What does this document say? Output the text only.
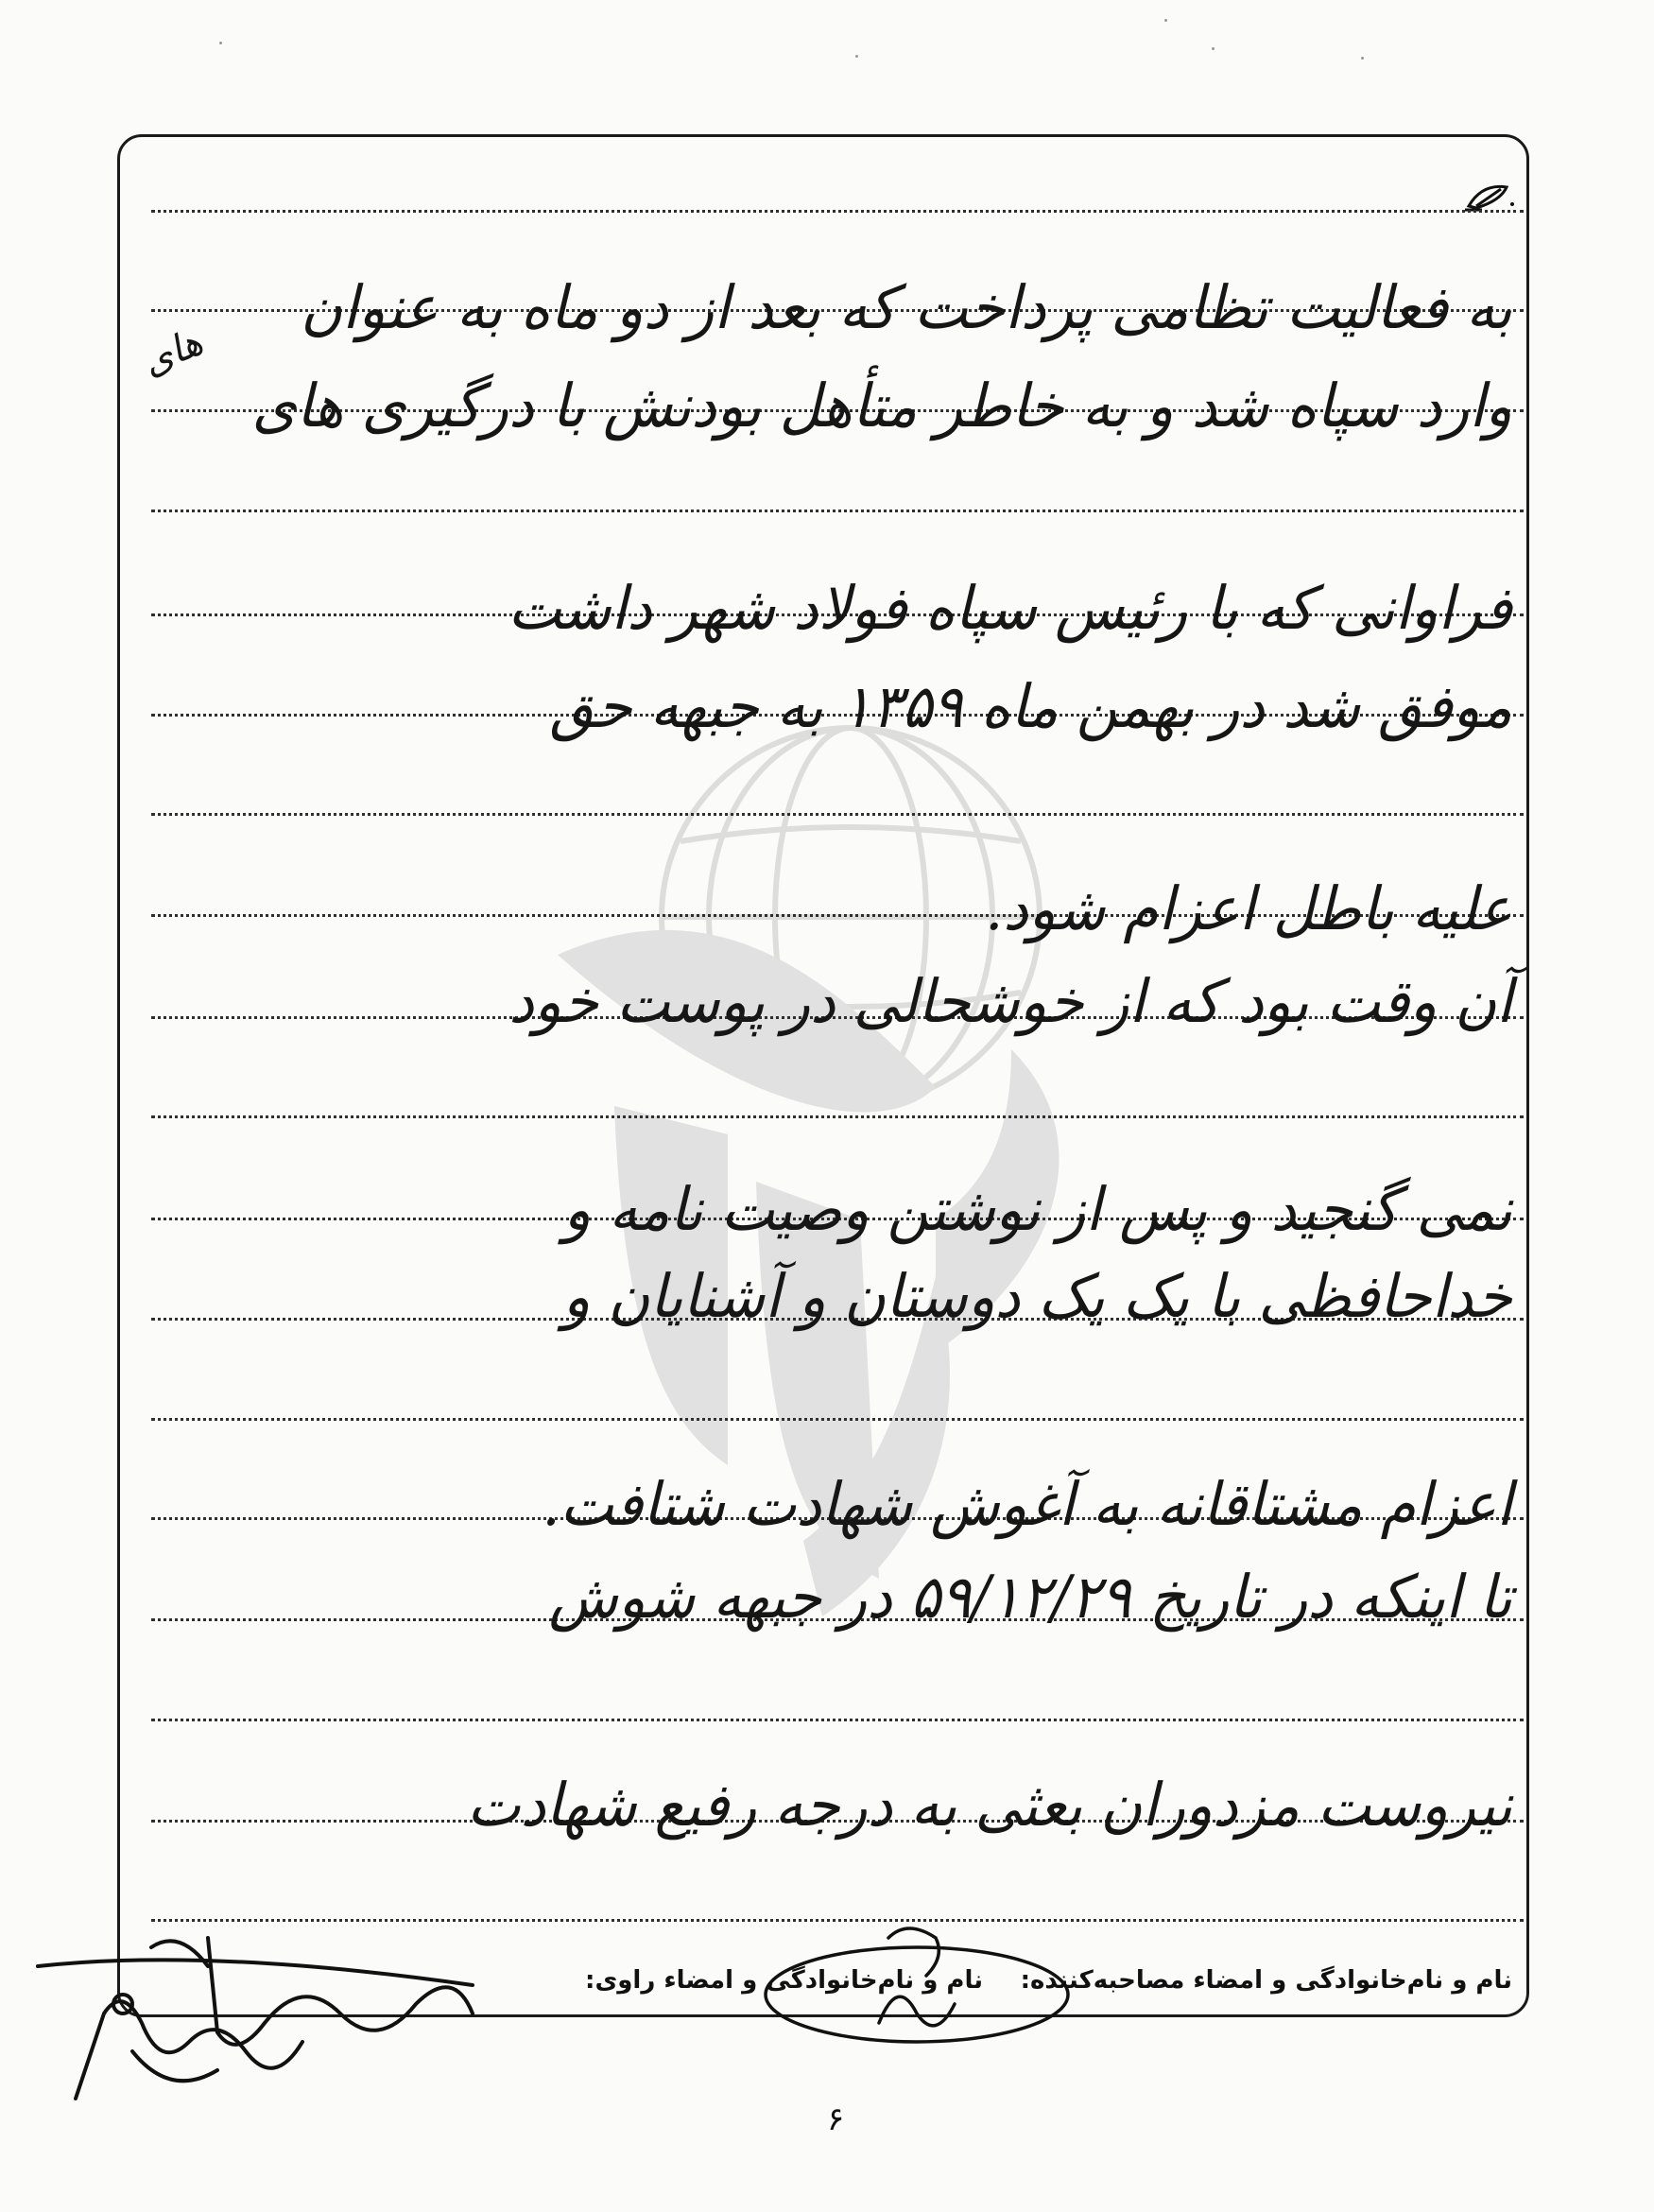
به فعالیت تظامی پرداخت که بعد از دو ماه به عنوان
وارد سپاه شد و به خاطر متأهل بودنش با درگیری های
فراوانی که با رئیس سپاه فولاد شهر داشت
موفق شد در بهمن ماه ۱۳۵۹ به جبهه حق
علیه باطل اعزام شود.
آن وقت بود که از خوشحالی در پوست خود
نمی گنجید و پس از نوشتن وصیت نامه و
خداحافظی با یک یک دوستان و آشنایان و
اعزام مشتاقانه به آغوش شهادت شتافت.
تا اینکه در تاریخ ۵۹/۱۲/۲۹ در جبهه شوش
نیروست مزدوران بعثی به درجه رفیع شهادت
های
نام و نام‌خانوادگی و امضاء مصاحبه‌کننده:
نام و نام‌خانوادگی و امضاء راوی:
۶
